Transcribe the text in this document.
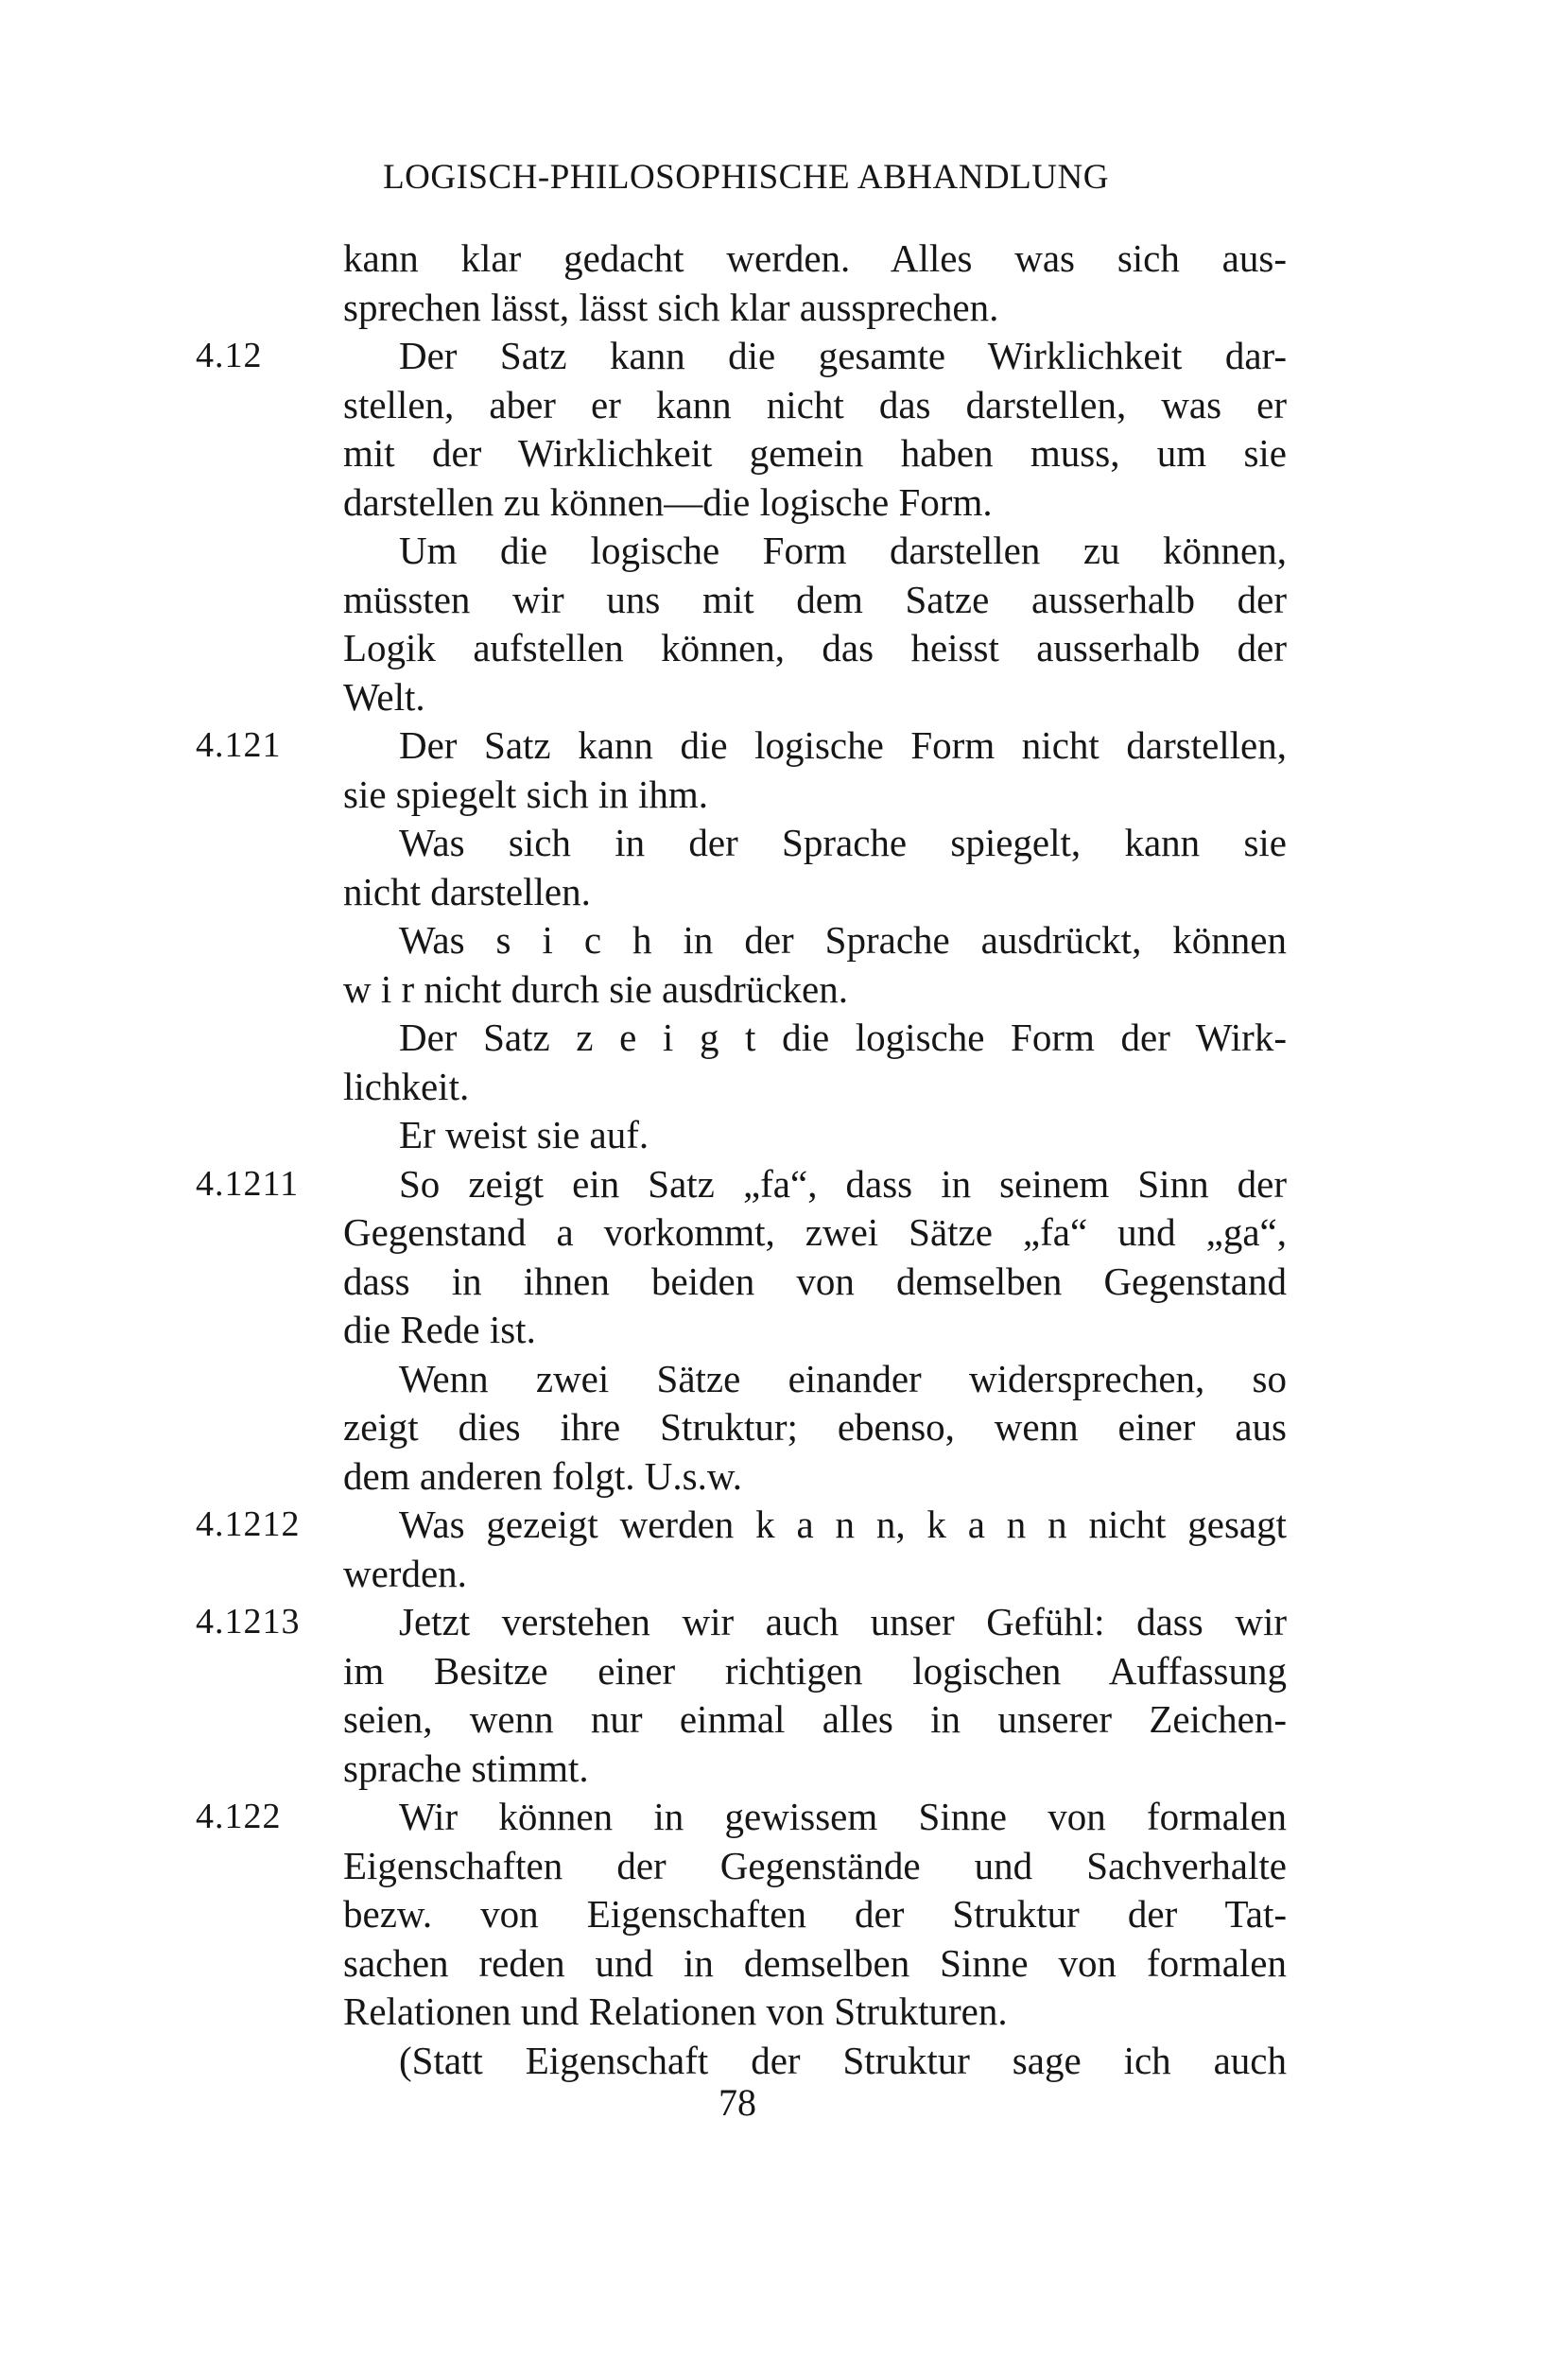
LOGISCH-PHILOSOPHISCHE ABHANDLUNG
kann klar gedacht werden. Alles was sich aus-
sprechen lässt, lässt sich klar aussprechen.
4.12	Der Satz kann die gesamte Wirklichkeit dar-
stellen, aber er kann nicht das darstellen, was er
mit der Wirklichkeit gemein haben muss, um sie
darstellen zu können—die logische Form.
Um die logische Form darstellen zu können,
müssten wir uns mit dem Satze ausserhalb der
Logik aufstellen können, das heisst ausserhalb der
Welt.
4.121	Der Satz kann die logische Form nicht darstellen,
sie spiegelt sich in ihm.
Was sich in der Sprache spiegelt, kann sie
nicht darstellen.
Was s i c h in der Sprache ausdrückt, können
w i r nicht durch sie ausdrücken.
Der Satz z e i g t die logische Form der Wirk-
lichkeit.
Er weist sie auf.
4.1211	So zeigt ein Satz „fa“, dass in seinem Sinn der
Gegenstand a vorkommt, zwei Sätze „fa“ und „ga“,
dass in ihnen beiden von demselben Gegenstand
die Rede ist.
Wenn zwei Sätze einander widersprechen, so
zeigt dies ihre Struktur; ebenso, wenn einer aus
dem anderen folgt. U.s.w.
4.1212	Was gezeigt werden k a n n, k a n n nicht gesagt
werden.
4.1213	Jetzt verstehen wir auch unser Gefühl: dass wir
im Besitze einer richtigen logischen Auffassung
seien, wenn nur einmal alles in unserer Zeichen-
sprache stimmt.
4.122	Wir können in gewissem Sinne von formalen
Eigenschaften der Gegenstände und Sachverhalte
bezw. von Eigenschaften der Struktur der Tat-
sachen reden und in demselben Sinne von formalen
Relationen und Relationen von Strukturen.
(Statt Eigenschaft der Struktur sage ich auch
78
